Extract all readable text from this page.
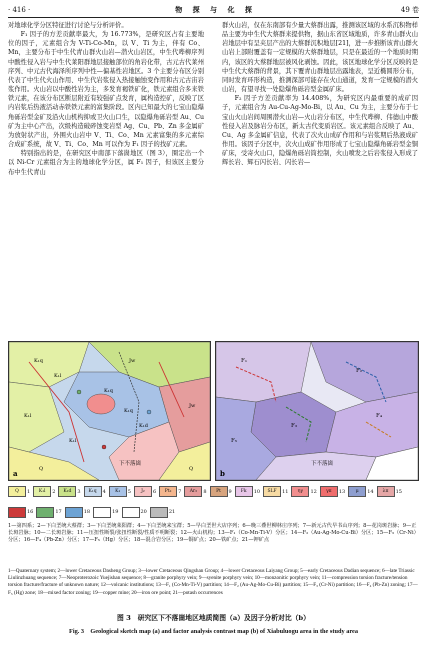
· 416 ·	物 探 与 化 探	49 卷

对地球化学分区特征进行讨论与分析评价。

F₁ 因子的方差贡献率最大，为 16.773%，是研究区占有主要地位的因子，元素组合为 V-Ti-Co-Mn，以 V、Ti 为主，伴有 Co、Mn，主要分布于中生代青山群火山岩—潜火山岩区，中生代哔柳序列中酸性侵入岩与中生代莱阳群地层接触部位的角岩化带，古元古代莱州序列、中元古代海泽所序列中性—偏基性岩地区。3 个主要分布区分别代表了中生代火山作用、中生代岩浆侵入热接触蚀变作用和古元古宙岩浆作用。火山岩以中酸性岩为主，多发育褐铁矿化，铁元素组合多来铁铁元素，在该分布区断层附近有较强矿点发育，属构造控矿，反映了区内岩浆后热液活动赤铁铁元素的富集阶段。区内已知最大的七宝山隐爆角砾岩型金矿及沿火山机构抑或卫火山口生，以隐爆角砾岩型 Au、Cu 矿为主中心产出，次级构造破碎蚀变岩型 Ag、Cu、Pb、Zn 多金属矿为放射状产出，外围火山岩中 V、Ti、Co、Mn 元素富集的多元素综合成矿系统，故 V、Ti、Co、Mn 可以作为 F₁ 因子的找矿元素。

特别指出的是，在研究区中南部下落崮地区（图 3），圈定出一个以 Ni-Cr 元素组合为主的地球化学分区，属 F₁ 因子，但该区主要分布中生代青山

群火山岩，仅在东南部有少量大蔡群出露，推测该区域的水系沉积物样品主要为中生代大蔡群来提供物，据山东省区域地质，许多青山群火山岩地层中有呈夹层产出的大蔡群沉积地层[21]，进一步推断该青山群火山岩上部附覆盖有一定规模的大蔡群地层，只是在最近的一个地质时期内，该区的大蔡群地层被风化剥蚀。因此，该区地球化学分区反映的是中生代大蔡群的背景，其下覆青山群地层出露地表，呈近椭圆形分布，同时发育环形构造，推测深部可能存在火山通道，发育一定规模的潜火山岩，有望寻找一处隐爆角砾岩型金属矿床。

F₂ 因子方差贡献率为 14.408%，为研究区内最重要的成矿因子，元素组合为 Au-Cu-Ag-Mo-Bi，以 Au、Cu 为主，主要分布于七宝山火山岩间周围潜火山岩—火山岩分布区，中生代哔柳、伟德山中酸性侵入岩及脉岩分布区，新太古代变质岩区。该元素组合反映了 Au、Cu、Ag 多金属矿信息，代表了次火山成矿作用和与岩浆期后热液成矿作用。该因子分区中，次火山成矿作用形成了七宝山隐爆角砾岩型金铜矿床，受寄火山口，隐爆角砾岩筒控制，火山喷发之后岩浆侵入形成了辉长岩、辉石闪长岩、闪长岩—

K₁q
K₁l
Jw
K₁q
K₁l
Q
K₁d
Jw
K₁q
K₁l
Q
下不落崮
a
F₁
F₃
F₄
F₂
F₅
下不落崮
b
Q	1	K₁l	2	K₁d	3	K₁q	4	K₁	5	J₂	6	Pt₂	7	Ar₃	8	Pt	9	Fk	10	SLF	11	ηγ	12	γπ	13	μ	14	λπ	15
16	17	18	19	20	21
1—第四系；2—下白垩统大蔡群；3—下白垩统莱阳群；4—下白垩统来宝群；5—早白垩世大店序列；6—晚三叠世柳林庄序列；7—新元古代早书山序列；8—花岗斑岩脉；9—正长斑岩脉；10—二长斑岩脉；11—压扭性断裂/张扭性断裂/性质不明断裂；12—火山机构；13—F₁（Co-Mn-Ti-V）分区；14—F₂（Au-Ag-Mo-Cu-Bi）分区；15—F₃（Cr-Ni）分区；16—F₄（Pb-Zn）分区；17—F₅（Hg）分区；18—混合岩分区；19—铜矿点；20—铁矿点；21—钾矿点
1—Quaternary system; 2—lower Cretaceous Dasheng Group; 3—lower Cretaceous Qingshan Group; 4—lower Cretaceous Laiyang Group; 5—early Cretaceous Dadian sequence; 6—late Triassic Liulinzhuang sequence; 7—Neoproterozoic Yuejishan sequence; 8—granite porphyry vein; 9—syenite porphyry vein; 10—monzonitic porphyry vein; 11—compression torsion fracture/tension torsion fracture/fracture of unknown nature; 12—volcanic institutions; 13—F₁ (Co-Mn-Ti-V) partition; 14—F₂ (Au-Ag-Mo-Cu-Bi) partition; 15—F₃ (Cr-Ni) partition; 16—F₄ (Pb-Zn) zoning; 17—F₅ (Hg) zone; 18—mixed factor zoning; 19—copper mine; 20—iron ore point; 21—potash occurrences
图 3　研究区下不落崮地区地质简图（a）及因子分析对比（b）
Fig. 3　Geological sketch map (a) and factor analysis contrast map (b) of Xiabuluogu area in the study area
